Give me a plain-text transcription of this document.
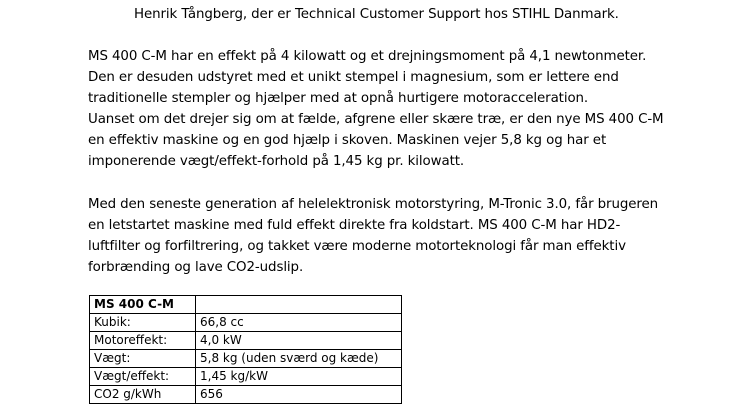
Henrik Tångberg, der er Technical Customer Support hos STIHL Danmark.

MS 400 C-M har en effekt på 4 kilowatt og et drejningsmoment på 4,1 newtonmeter.
Den er desuden udstyret med et unikt stempel i magnesium, som er lettere end
traditionelle stempler og hjælper med at opnå hurtigere motoracceleration.
Uanset om det drejer sig om at fælde, afgrene eller skære træ, er den nye MS 400 C-M
en effektiv maskine og en god hjælp i skoven. Maskinen vejer 5,8 kg og har et
imponerende vægt/effekt-forhold på 1,45 kg pr. kilowatt.

Med den seneste generation af helelektronisk motorstyring, M-Tronic 3.0, får brugeren
en letstartet maskine med fuld effekt direkte fra koldstart. MS 400 C-M har HD2-
luftfilter og forfiltrering, og takket være moderne motorteknologi får man effektiv
forbrænding og lave CO2-udslip.

MS 400 C-M	
Kubik:	66,8 cc
Motoreffekt:	4,0 kW
Vægt:	5,8 kg (uden sværd og kæde)
Vægt/effekt:	1,45 kg/kW
CO2 g/kWh	656
